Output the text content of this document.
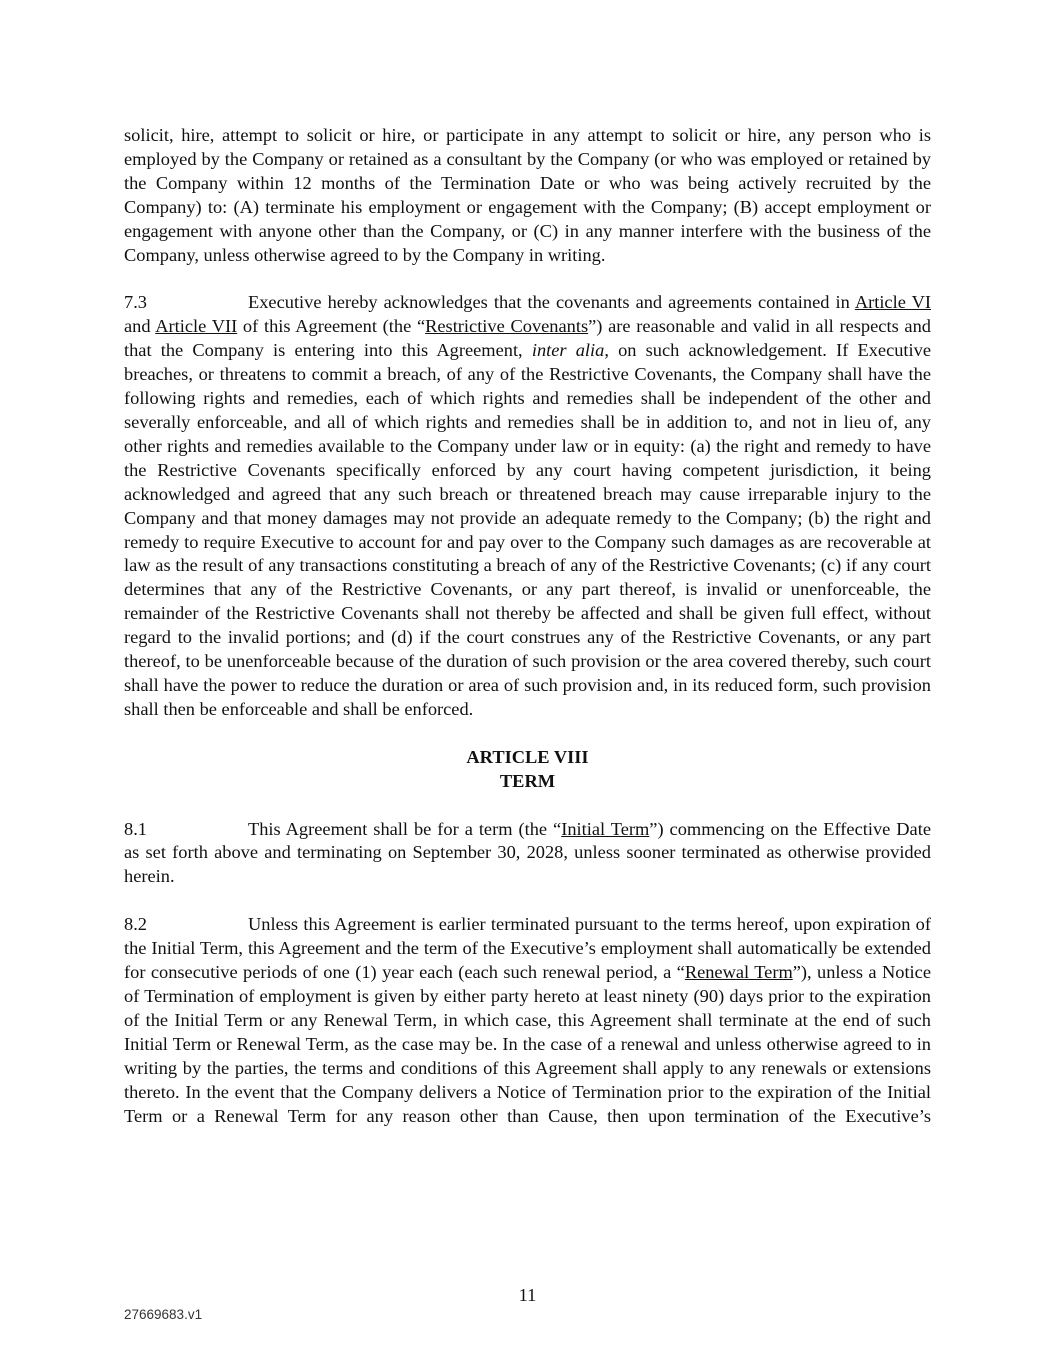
solicit, hire, attempt to solicit or hire, or participate in any attempt to solicit or hire, any person who is employed by the Company or retained as a consultant by the Company (or who was employed or retained by the Company within 12 months of the Termination Date or who was being actively recruited by the Company) to: (A) terminate his employment or engagement with the Company; (B) accept employment or engagement with anyone other than the Company, or (C) in any manner interfere with the business of the Company, unless otherwise agreed to by the Company in writing.

7.3	Executive hereby acknowledges that the covenants and agreements contained in Article VI and Article VII of this Agreement (the “Restrictive Covenants”) are reasonable and valid in all respects and that the Company is entering into this Agreement, inter alia, on such acknowledgement. If Executive breaches, or threatens to commit a breach, of any of the Restrictive Covenants, the Company shall have the following rights and remedies, each of which rights and remedies shall be independent of the other and severally enforceable, and all of which rights and remedies shall be in addition to, and not in lieu of, any other rights and remedies available to the Company under law or in equity: (a) the right and remedy to have the Restrictive Covenants specifically enforced by any court having competent jurisdiction, it being acknowledged and agreed that any such breach or threatened breach may cause irreparable injury to the Company and that money damages may not provide an adequate remedy to the Company; (b) the right and remedy to require Executive to account for and pay over to the Company such damages as are recoverable at law as the result of any transactions constituting a breach of any of the Restrictive Covenants; (c) if any court determines that any of the Restrictive Covenants, or any part thereof, is invalid or unenforceable, the remainder of the Restrictive Covenants shall not thereby be affected and shall be given full effect, without regard to the invalid portions; and (d) if the court construes any of the Restrictive Covenants, or any part thereof, to be unenforceable because of the duration of such provision or the area covered thereby, such court shall have the power to reduce the duration or area of such provision and, in its reduced form, such provision shall then be enforceable and shall be enforced.

ARTICLE VIII

TERM

8.1	This Agreement shall be for a term (the “Initial Term”) commencing on the Effective Date as set forth above and terminating on September 30, 2028, unless sooner terminated as otherwise provided herein.

8.2	Unless this Agreement is earlier terminated pursuant to the terms hereof, upon expiration of the Initial Term, this Agreement and the term of the Executive’s employment shall automatically be extended for consecutive periods of one (1) year each (each such renewal period, a “Renewal Term”), unless a Notice of Termination of employment is given by either party hereto at least ninety (90) days prior to the expiration of the Initial Term or any Renewal Term, in which case, this Agreement shall terminate at the end of such Initial Term or Renewal Term, as the case may be. In the case of a renewal and unless otherwise agreed to in writing by the parties, the terms and conditions of this Agreement shall apply to any renewals or extensions thereto. In the event that the Company delivers a Notice of Termination prior to the expiration of the Initial Term or a Renewal Term for any reason other than Cause, then upon termination of the Executive’s

11
27669683.v1
